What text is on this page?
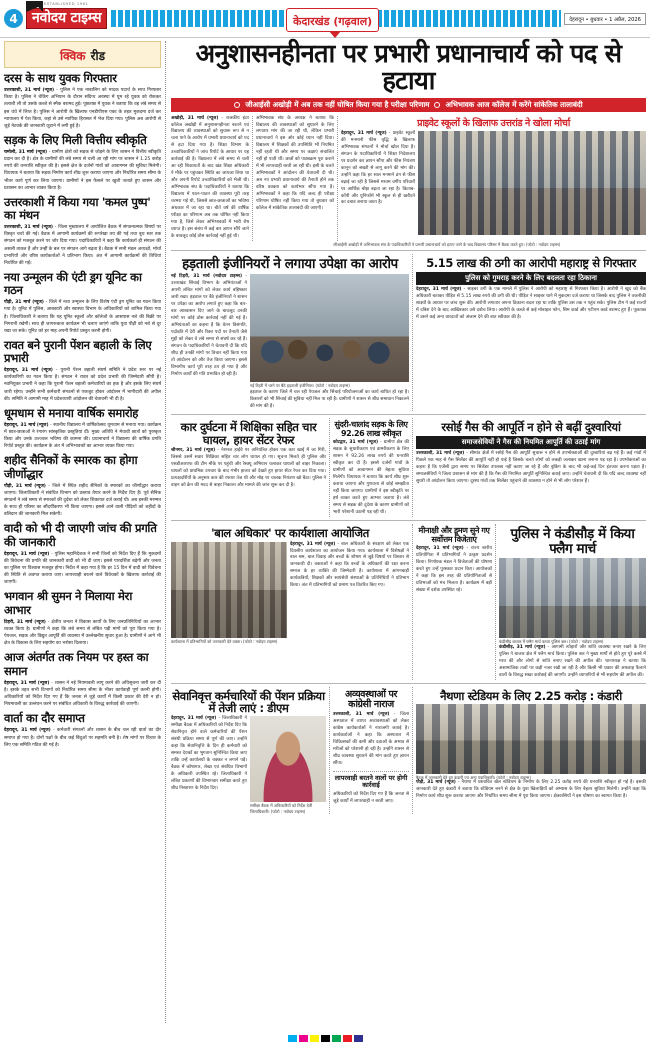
4
ESTABLISHED 1961
नवोदय टाइम्स	केदारखंड (गढ़वाल)	देहरादून • बुधवार • 1 अप्रैल, 2026
क्विक रीड
दरस के साथ युवक गिरफ्तार
उत्तरकाशी, 31 मार्च (न्यूज) - पुलिस ने एक नाबालिग को मादक पदार्थ के साथ गिरफ्तार किया है। पुलिस ने चेकिंग अभियान के दौरान संदिग्ध अवस्था में घूम रहे युवक को रोककर तलाशी ली तो उसके कब्जे से स्मैक बरामद हुई। पूछताछ में युवक ने बताया कि वह लंबे समय से इस धंधे में लिप्त है। पुलिस ने आरोपी के खिलाफ एनडीपीएस एक्ट के तहत मुकदमा दर्ज कर न्यायालय में पेश किया, जहां से उसे न्यायिक हिरासत में भेज दिया गया। पुलिस अब आरोपी से जुड़े नेटवर्क की जानकारी जुटाने में लगी हुई है।
सड़क के लिए मिली वित्तीय स्वीकृति
चमोली, 31 मार्च (न्यूज) - ग्रामीण क्षेत्रों को सड़क से जोड़ने के लिए शासन ने वित्तीय स्वीकृति प्रदान कर दी है। क्षेत्र के ग्रामीणों की लंबे समय से चली आ रही मांग पर शासन ने 1.25 करोड़ रुपये की धनराशि स्वीकृत की है। इससे क्षेत्र के दर्जनों गांवों को आवागमन की सुविधा मिलेगी। विधायक ने बताया कि सड़क निर्माण कार्य शीघ्र शुरू कराया जाएगा और निर्धारित समय सीमा के भीतर कार्य पूर्ण कर लिया जाएगा। ग्रामीणों ने इस फैसले पर खुशी जताते हुए शासन और प्रशासन का आभार व्यक्त किया है।
उत्तरकाशी में किया गया 'कमल पुष्प' का मंथन
उत्तरकाशी, 31 मार्च (न्यूज) - जिला मुख्यालय में आयोजित बैठक में संगठनात्मक विषयों पर विस्तृत चर्चा की गई। बैठक में आगामी कार्यक्रमों की रूपरेखा तय की गई तथा बूथ स्तर तक संगठन को मजबूत करने पर जोर दिया गया। पदाधिकारियों ने कहा कि कार्यकर्ता ही संगठन की असली ताकत हैं और उन्हीं के बल पर संगठन आगे बढ़ता है। बैठक में सभी मंडल अध्यक्षों, मोर्चा प्रभारियों और वरिष्ठ कार्यकर्ताओं ने प्रतिभाग किया। अंत में आगामी कार्यक्रमों की तिथियां निर्धारित की गईं।
नया उन्मूलन की एंटी ड्रग यूनिट का गठन
पौड़ी, 31 मार्च (न्यूज) - जिले में नशा उन्मूलन के लिए विशेष एंटी ड्रग यूनिट का गठन किया गया है। यूनिट में पुलिस, आबकारी और स्वास्थ्य विभाग के अधिकारियों को शामिल किया गया है। जिलाधिकारी ने बताया कि यह यूनिट स्कूलों और कॉलेजों के आसपास नशे की बिक्री पर निगरानी रखेगी। साथ ही जागरूकता कार्यक्रम भी चलाए जाएंगे ताकि युवा पीढ़ी को नशे से दूर रखा जा सके। यूनिट को हर माह अपनी रिपोर्ट प्रस्तुत करनी होगी।
रावत बने पुरानी पेंशन बहाली के लिए प्रभारी
देहरादून, 31 मार्च (न्यूज) - पुरानी पेंशन बहाली संघर्ष समिति ने प्रदेश स्तर पर नई कार्यकारिणी का गठन किया है। संगठन ने रावत को प्रदेश प्रभारी की जिम्मेदारी सौंपी है। नवनियुक्त प्रभारी ने कहा कि पुरानी पेंशन बहाली कर्मचारियों का हक है और इसके लिए संघर्ष जारी रहेगा। उन्होंने सभी कर्मचारी संगठनों से एकजुट होकर आंदोलन में भागीदारी की अपील की। समिति ने आगामी माह में प्रदेशव्यापी आंदोलन की चेतावनी भी दी है।
धूमधाम से मनाया वार्षिक समारोह
देहरादून, 31 मार्च (न्यूज) - स्थानीय विद्यालय में वार्षिकोत्सव धूमधाम से मनाया गया। कार्यक्रम में छात्र-छात्राओं ने रंगारंग सांस्कृतिक प्रस्तुतियां दीं। मुख्य अतिथि ने मेधावी छात्रों को पुरस्कृत किया और उनके उज्ज्वल भविष्य की कामना की। प्रधानाचार्य ने विद्यालय की वार्षिक प्रगति रिपोर्ट प्रस्तुत की। कार्यक्रम के अंत में अभिभावकों का आभार व्यक्त किया गया।
शहीद सैनिकों के स्मारक का होगा जीर्णोद्धार
पौड़ी, 31 मार्च (न्यूज) - जिले में स्थित शहीद सैनिकों के स्मारकों का जीर्णोद्धार कराया जाएगा। जिलाधिकारी ने संबंधित विभाग को प्रस्ताव तैयार करने के निर्देश दिए हैं। पूर्व सैनिक संगठनों ने लंबे समय से स्मारकों की दुर्दशा को लेकर शिकायत दर्ज कराई थी। अब इनकी मरम्मत के साथ ही परिसर का सौंदर्यीकरण भी किया जाएगा। इससे आने वाली पीढ़ियों को शहीदों के बलिदान की जानकारी मिल सकेगी।
वादी को भी दी जाएगी जांच की प्रगति की जानकारी
देहरादून, 31 मार्च (न्यूज) - पुलिस महानिदेशक ने सभी जिलों को निर्देश दिए हैं कि मुकदमों की विवेचना की प्रगति की जानकारी वादी को भी दी जाए। इससे पारदर्शिता बढ़ेगी और जनता का पुलिस पर विश्वास मजबूत होगा। निर्देश में कहा गया है कि हर 15 दिन में वादी को विवेचना की स्थिति से अवगत कराया जाए। लापरवाही बरतने वाले विवेचकों के खिलाफ कार्रवाई की जाएगी।
भगवान श्री सुमन ने मिलाया मेरा आभार
टिहरी, 31 मार्च (न्यूज) - क्षेत्रीय जनता ने विकास कार्यों के लिए जनप्रतिनिधियों का आभार व्यक्त किया है। ग्रामीणों ने कहा कि लंबे समय से लंबित पड़ी मांगों को पूरा किया गया है। पेयजल, सड़क और विद्युत आपूर्ति की व्यवस्था में उल्लेखनीय सुधार हुआ है। ग्रामीणों ने आगे भी क्षेत्र के विकास के लिए सहयोग का भरोसा दिलाया।
आज अंतर्गत तक नियम पर हस्त का समान
देहरादून, 31 मार्च (न्यूज) - शासन ने नई नियमावली लागू करने की अधिसूचना जारी कर दी है। इसके तहत सभी विभागों को निर्धारित समय सीमा के भीतर कार्यवाही पूर्ण करनी होगी। अधिकारियों को निर्देश दिए गए हैं कि जनता से जुड़े कार्यों में किसी प्रकार की देरी न हो। नियमावली का उल्लंघन करने पर संबंधित अधिकारी के विरुद्ध कार्रवाई की जाएगी।
वार्ता का दौर समाप्त
देहरादून, 31 मार्च (न्यूज) - कर्मचारी संगठनों और शासन के बीच चल रही वार्ता का दौर समाप्त हो गया है। दोनों पक्षों के बीच कई बिंदुओं पर सहमति बनी है। शेष मांगों पर विचार के लिए एक समिति गठित की गई है।
अनुशासनहीनता पर प्रभारी प्रधानाचार्य को पद से हटाया
जीआईसी अखोड़ी में अब तक नहीं घोषित किया गया है परीक्षा परिणाम अभिभावक आज कॉलेज में करेंगे सांकेतिक तालाबंदी
अखोड़ी, 31 मार्च (न्यूज) - राजकीय इंटर कॉलेज अखोड़ी में अनुशासनहीनता बरतने एवं विद्यालय की व्यवस्थाओं को सुचारू रूप से न चला पाने के आरोप में प्रभारी प्रधानाचार्य को पद से हटा दिया गया है। शिक्षा विभाग के उच्चाधिकारियों ने जांच रिपोर्ट के आधार पर यह कार्रवाई की है। विद्यालय में लंबे समय से चली आ रही शिकायतों के बाद खंड शिक्षा अधिकारी ने मौके पर पहुंचकर स्थिति का जायजा लिया था और अपनी रिपोर्ट उच्चाधिकारियों को भेजी थी। अभिभावक संघ के पदाधिकारियों ने बताया कि विद्यालय में पठन-पाठन की व्यवस्था पूरी तरह चरमरा गई थी, जिससे छात्र-छात्राओं का भविष्य अंधकार में जा रहा था। बीते वर्ष की वार्षिक परीक्षा का परिणाम अब तक घोषित नहीं किया गया है, जिसे लेकर अभिभावकों में भारी रोष व्याप्त है। इस संबंध में कई बार ज्ञापन सौंपे जाने के बावजूद कोई ठोस कार्रवाई नहीं हुई थी।
अभिभावक संघ के अध्यक्ष ने बताया कि विद्यालय की व्यवस्थाओं को सुधारने के लिए लगातार मांग की जा रही थी, लेकिन प्रभारी प्रधानाचार्य ने इस ओर कोई ध्यान नहीं दिया। विद्यालय में शिक्षकों की उपस्थिति भी नियमित नहीं रहती थी और समय पर कक्षाएं संचालित नहीं हो पाती थीं। छात्रों को पाठ्यक्रम पूरा कराने में भी लापरवाही बरती जा रही थी। इसी के चलते अभिभावकों ने आंदोलन की चेतावनी दी थी। अब नए प्रभारी प्रधानाचार्य की तैनाती होने तक वरिष्ठ प्रवक्ता को कार्यभार सौंपा गया है। अभिभावकों ने कहा कि यदि जल्द ही परीक्षा परिणाम घोषित नहीं किया गया तो बुधवार को कॉलेज में सांकेतिक तालाबंदी की जाएगी।
प्राइवेट स्कूलों के खिलाफ उत्तरांड ने खोला मोर्चा
देहरादून, 31 मार्च (न्यूज) - प्राइवेट स्कूलों की मनमानी फीस वृद्धि के खिलाफ अभिभावक संगठनों ने मोर्चा खोल दिया है। संगठन के पदाधिकारियों ने शिक्षा निदेशालय पर प्रदर्शन कर ज्ञापन सौंपा और फीस नियंत्रण कानून को सख्ती से लागू करने की मांग की। उन्होंने कहा कि हर साल मनमाने ढंग से फीस बढ़ाई जा रही है जिससे मध्यम वर्गीय परिवारों पर आर्थिक बोझ बढ़ता जा रहा है। किताब-कॉपी और यूनिफॉर्म भी स्कूल से ही खरीदने का दबाव बनाया जाता है।
जीआईसी अखोड़ी में अभिभावक संघ के पदाधिकारियों ने प्रभारी प्रधानाचार्य को हटाए जाने के बाद विद्यालय परिसर में बैठक करते हुए। (फोटो : नवोदय टाइम्स)
हड़ताली इंजीनियरों ने लगाया उपेक्षा का आरोप
नई टिहरी, 31 मार्च (नवोदय टाइम्स) - उत्तराखंड सिंचाई विभाग के अभियंताओं ने अपनी लंबित मांगों को लेकर कार्य बहिष्कार जारी रखा। हड़ताल पर बैठे इंजीनियरों ने शासन पर उपेक्षा का आरोप लगाते हुए कहा कि बार-बार आश्वासन दिए जाने के बावजूद उनकी मांगों पर कोई ठोस कार्रवाई नहीं की गई है। अभियंताओं का कहना है कि वेतन विसंगति, पदोन्नति में देरी और रिक्त पदों पर तैनाती जैसे मुद्दों को लेकर वे लंबे समय से संघर्ष कर रहे हैं। संगठन के पदाधिकारियों ने चेतावनी दी कि यदि शीघ्र ही उनकी मांगों पर विचार नहीं किया गया तो आंदोलन को और तेज किया जाएगा। इससे विभागीय कार्य पूरी तरह ठप हो गया है और निर्माण कार्यों की गति प्रभावित हो रही है।
नई टिहरी में धरने पर बैठे हड़ताली इंजीनियर। (फोटो : नवोदय टाइम्स)
हड़ताल के कारण जिले में चल रही पेयजल और सिंचाई परियोजनाओं का कार्य बाधित हो रहा है। किसानों को भी सिंचाई की सुविधा नहीं मिल पा रही है। ग्रामीणों ने शासन से शीघ्र समाधान निकालने की मांग की है।
5.15 लाख की ठगी का आरोपी महाराष्ट्र से गिरफ्तार
पुलिस को गुमराह करने के लिए बदलता रहा ठिकाना
देहरादून, 31 मार्च (न्यूज) - साइबर ठगी के एक मामले में पुलिस ने आरोपी को महाराष्ट्र से गिरफ्तार किया है। आरोपी ने खुद को बैंक अधिकारी बताकर पीड़ित से 5.15 लाख रुपये की ठगी की थी। पीड़ित ने साइबर थाने में मुकदमा दर्ज कराया था जिसके बाद पुलिस ने तकनीकी साक्ष्यों के आधार पर जांच शुरू की। आरोपी लगातार अपना ठिकाना बदल रहा था ताकि पुलिस उस तक न पहुंच सके। पुलिस टीम ने कई राज्यों में दबिश देने के बाद आखिरकार उसे दबोच लिया। आरोपी के कब्जे से कई मोबाइल फोन, सिम कार्ड और एटीएम कार्ड बरामद हुए हैं। पूछताछ में उसने कई अन्य वारदातों को अंजाम देने की बात स्वीकार की है।
कार दुर्घटना में शिक्षिका सहित चार घायल, हायर सेंटर रेफर
श्रीनगर, 31 मार्च (न्यूज) - नेशनल हाईवे पर अनियंत्रित होकर एक कार खाई में जा गिरी, जिससे उसमें सवार शिक्षिका सहित चार लोग घायल हो गए। सूचना मिलते ही पुलिस और एसडीआरएफ की टीम मौके पर पहुंची और रेस्क्यू अभियान चलाकर घायलों को बाहर निकाला। घायलों को प्राथमिक उपचार के बाद गंभीर हालत को देखते हुए हायर सेंटर रेफर कर दिया गया। प्रत्यक्षदर्शियों के अनुसार कार की रफ्तार तेज थी और मोड़ पर चालक नियंत्रण खो बैठा। पुलिस ने वाहन को क्रेन की मदद से बाहर निकाला और मामले की जांच शुरू कर दी है।
सुंदरी-चालांद सड़क के लिए 92.26 लाख स्वीकृत
कोटद्वार, 31 मार्च (न्यूज) - ग्रामीण क्षेत्र की सड़क के सुधारीकरण एवं डामरीकरण के लिए शासन ने 92.26 लाख रुपये की धनराशि स्वीकृत कर दी है। इससे दर्जनों गांवों के ग्रामीणों को आवागमन की बेहतर सुविधा मिलेगी। विधायक ने बताया कि कार्य शीघ्र शुरू कराया जाएगा और गुणवत्ता से कोई समझौता नहीं किया जाएगा। ग्रामीणों ने इस स्वीकृति पर हर्ष व्यक्त करते हुए आभार जताया है। लंबे समय से सड़क की दुर्दशा के कारण ग्रामीणों को भारी परेशानी उठानी पड़ रही थी।
रसोई गैस की आपूर्ति न होने से बढ़ीं दुश्वारियां
समाजसेवियों ने गैस की नियमित आपूर्ति की उठाई मांग
उत्तरकाशी, 31 मार्च (न्यूज) - सीमांत क्षेत्रों में रसोई गैस की आपूर्ति सुचारू न होने से उपभोक्ताओं की दुश्वारियां बढ़ गई हैं। कई गांवों में पिछले एक माह से गैस सिलेंडर की आपूर्ति नहीं हो पाई है जिसके चलते लोगों को लकड़ी जलाकर खाना बनाना पड़ रहा है। उपभोक्ताओं का कहना है कि एजेंसी द्वारा समय पर सिलेंडर उपलब्ध नहीं कराए जा रहे हैं और बुकिंग के बाद भी कई-कई दिन इंतजार करना पड़ता है। समाजसेवियों ने जिला प्रशासन से मांग की है कि गैस की नियमित आपूर्ति सुनिश्चित कराई जाए। उन्होंने चेतावनी दी कि यदि जल्द व्यवस्था नहीं सुधरी तो आंदोलन किया जाएगा। दूरस्थ गांवों तक सिलेंडर पहुंचाने की व्यवस्था न होने से भी लोग परेशान हैं।
'बाल अधिकार' पर कार्यशाला आयोजित
कार्यशाला में प्रतिभागियों को जानकारी देते वक्ता। (फोटो : नवोदय टाइम्स)
देहरादून, 31 मार्च (न्यूज) - बाल अधिकारों के संरक्षण को लेकर एक दिवसीय कार्यशाला का आयोजन किया गया। कार्यशाला में विशेषज्ञों ने बाल श्रम, बाल विवाह और बच्चों के शोषण से जुड़े विषयों पर विस्तार से जानकारी दी। वक्ताओं ने कहा कि बच्चों के अधिकारों की रक्षा करना समाज के हर व्यक्ति की जिम्मेदारी है। कार्यशाला में आंगनबाड़ी कार्यकत्रियों, शिक्षकों और स्वयंसेवी संस्थाओं के प्रतिनिधियों ने प्रतिभाग किया। अंत में प्रतिभागियों को प्रमाण पत्र वितरित किए गए।
मीनाक्षी और डूमण सुने गए सर्वोत्तम विजेताएं
देहरादून, 31 मार्च (न्यूज) - राज्य स्तरीय प्रतियोगिता में प्रतिभागियों ने उत्कृष्ट प्रदर्शन किया। निर्णायक मंडल ने विजेताओं की घोषणा करते हुए उन्हें पुरस्कार प्रदान किए। आयोजकों ने कहा कि इस तरह की प्रतियोगिताओं से प्रतिभाओं को मंच मिलता है। कार्यक्रम में बड़ी संख्या में दर्शक उपस्थित रहे।
पुलिस ने कंडीसौड़ में किया फ्लैग मार्च
कंडीसौड़ बाजार में फ्लैग मार्च करता पुलिस बल। (फोटो : नवोदय टाइम्स)
कंडीसौड़, 31 मार्च (न्यूज) - आगामी त्योहारों और शांति व्यवस्था बनाए रखने के लिए पुलिस ने बाजार क्षेत्र में फ्लैग मार्च किया। पुलिस बल ने मुख्य मार्गों से होते हुए पूरे कस्बे में गश्त की और लोगों से शांति बनाए रखने की अपील की। थानाध्यक्ष ने बताया कि असामाजिक तत्वों पर कड़ी नजर रखी जा रही है और किसी भी प्रकार की अफवाह फैलाने वालों के विरुद्ध सख्त कार्रवाई की जाएगी। उन्होंने व्यापारियों से भी सहयोग की अपील की।
सेवानिवृत्त कर्मचारियों की पेंशन प्रक्रिया में तेजी लाएं : डीएम
देहरादून, 31 मार्च (न्यूज) - जिलाधिकारी ने समीक्षा बैठक में अधिकारियों को निर्देश दिए कि सेवानिवृत्त होने वाले कर्मचारियों की पेंशन संबंधी प्रक्रिया समय से पूर्ण की जाए। उन्होंने कहा कि सेवानिवृत्ति के दिन ही कर्मचारी को समस्त देयकों का भुगतान सुनिश्चित किया जाए ताकि उन्हें कार्यालयों के चक्कर न लगाने पड़ें। बैठक में कोषागार, लेखा एवं संबंधित विभागों के अधिकारी उपस्थित रहे। जिलाधिकारी ने लंबित प्रकरणों की विभागवार समीक्षा करते हुए शीघ्र निस्तारण के निर्देश दिए।
समीक्षा बैठक में अधिकारियों को निर्देश देतीं जिलाधिकारी। (फोटो : नवोदय टाइम्स)
अव्यवस्थाओं पर कांग्रेसी नाराज
उत्तरकाशी, 31 मार्च (न्यूज) - जिला अस्पताल में व्याप्त अव्यवस्थाओं को लेकर कांग्रेस कार्यकर्ताओं ने नाराजगी जताई है। कार्यकर्ताओं ने कहा कि अस्पताल में चिकित्सकों की कमी और दवाओं के अभाव से मरीजों को परेशानी हो रही है। उन्होंने शासन से शीघ्र व्यवस्था सुधारने की मांग करते हुए ज्ञापन सौंपा।
लापरवाही बरतने वालों पर होगी कार्रवाई
अधिकारियों को निर्देश दिए गए हैं कि जनता से जुड़े कार्यों में लापरवाही न बरती जाए।
नैथणा स्टेडियम के लिए 2.25 करोड़ : कंडारी
बैठक में जानकारी देते हुए कंडारी एवं अन्य पदाधिकारी। (फोटो : नवोदय टाइम्स)
पौड़ी, 31 मार्च (न्यूज) - नैथणा में प्रस्तावित खेल स्टेडियम के निर्माण के लिए 2.25 करोड़ रुपये की धनराशि स्वीकृत हो गई है। इसकी जानकारी देते हुए कंडारी ने बताया कि स्टेडियम बनने से क्षेत्र के युवा खिलाड़ियों को अभ्यास के लिए बेहतर सुविधा मिलेगी। उन्होंने कहा कि निर्माण कार्य शीघ्र शुरू कराया जाएगा और निर्धारित समय सीमा में पूरा किया जाएगा। क्षेत्रवासियों ने इस घोषणा का स्वागत किया है।
